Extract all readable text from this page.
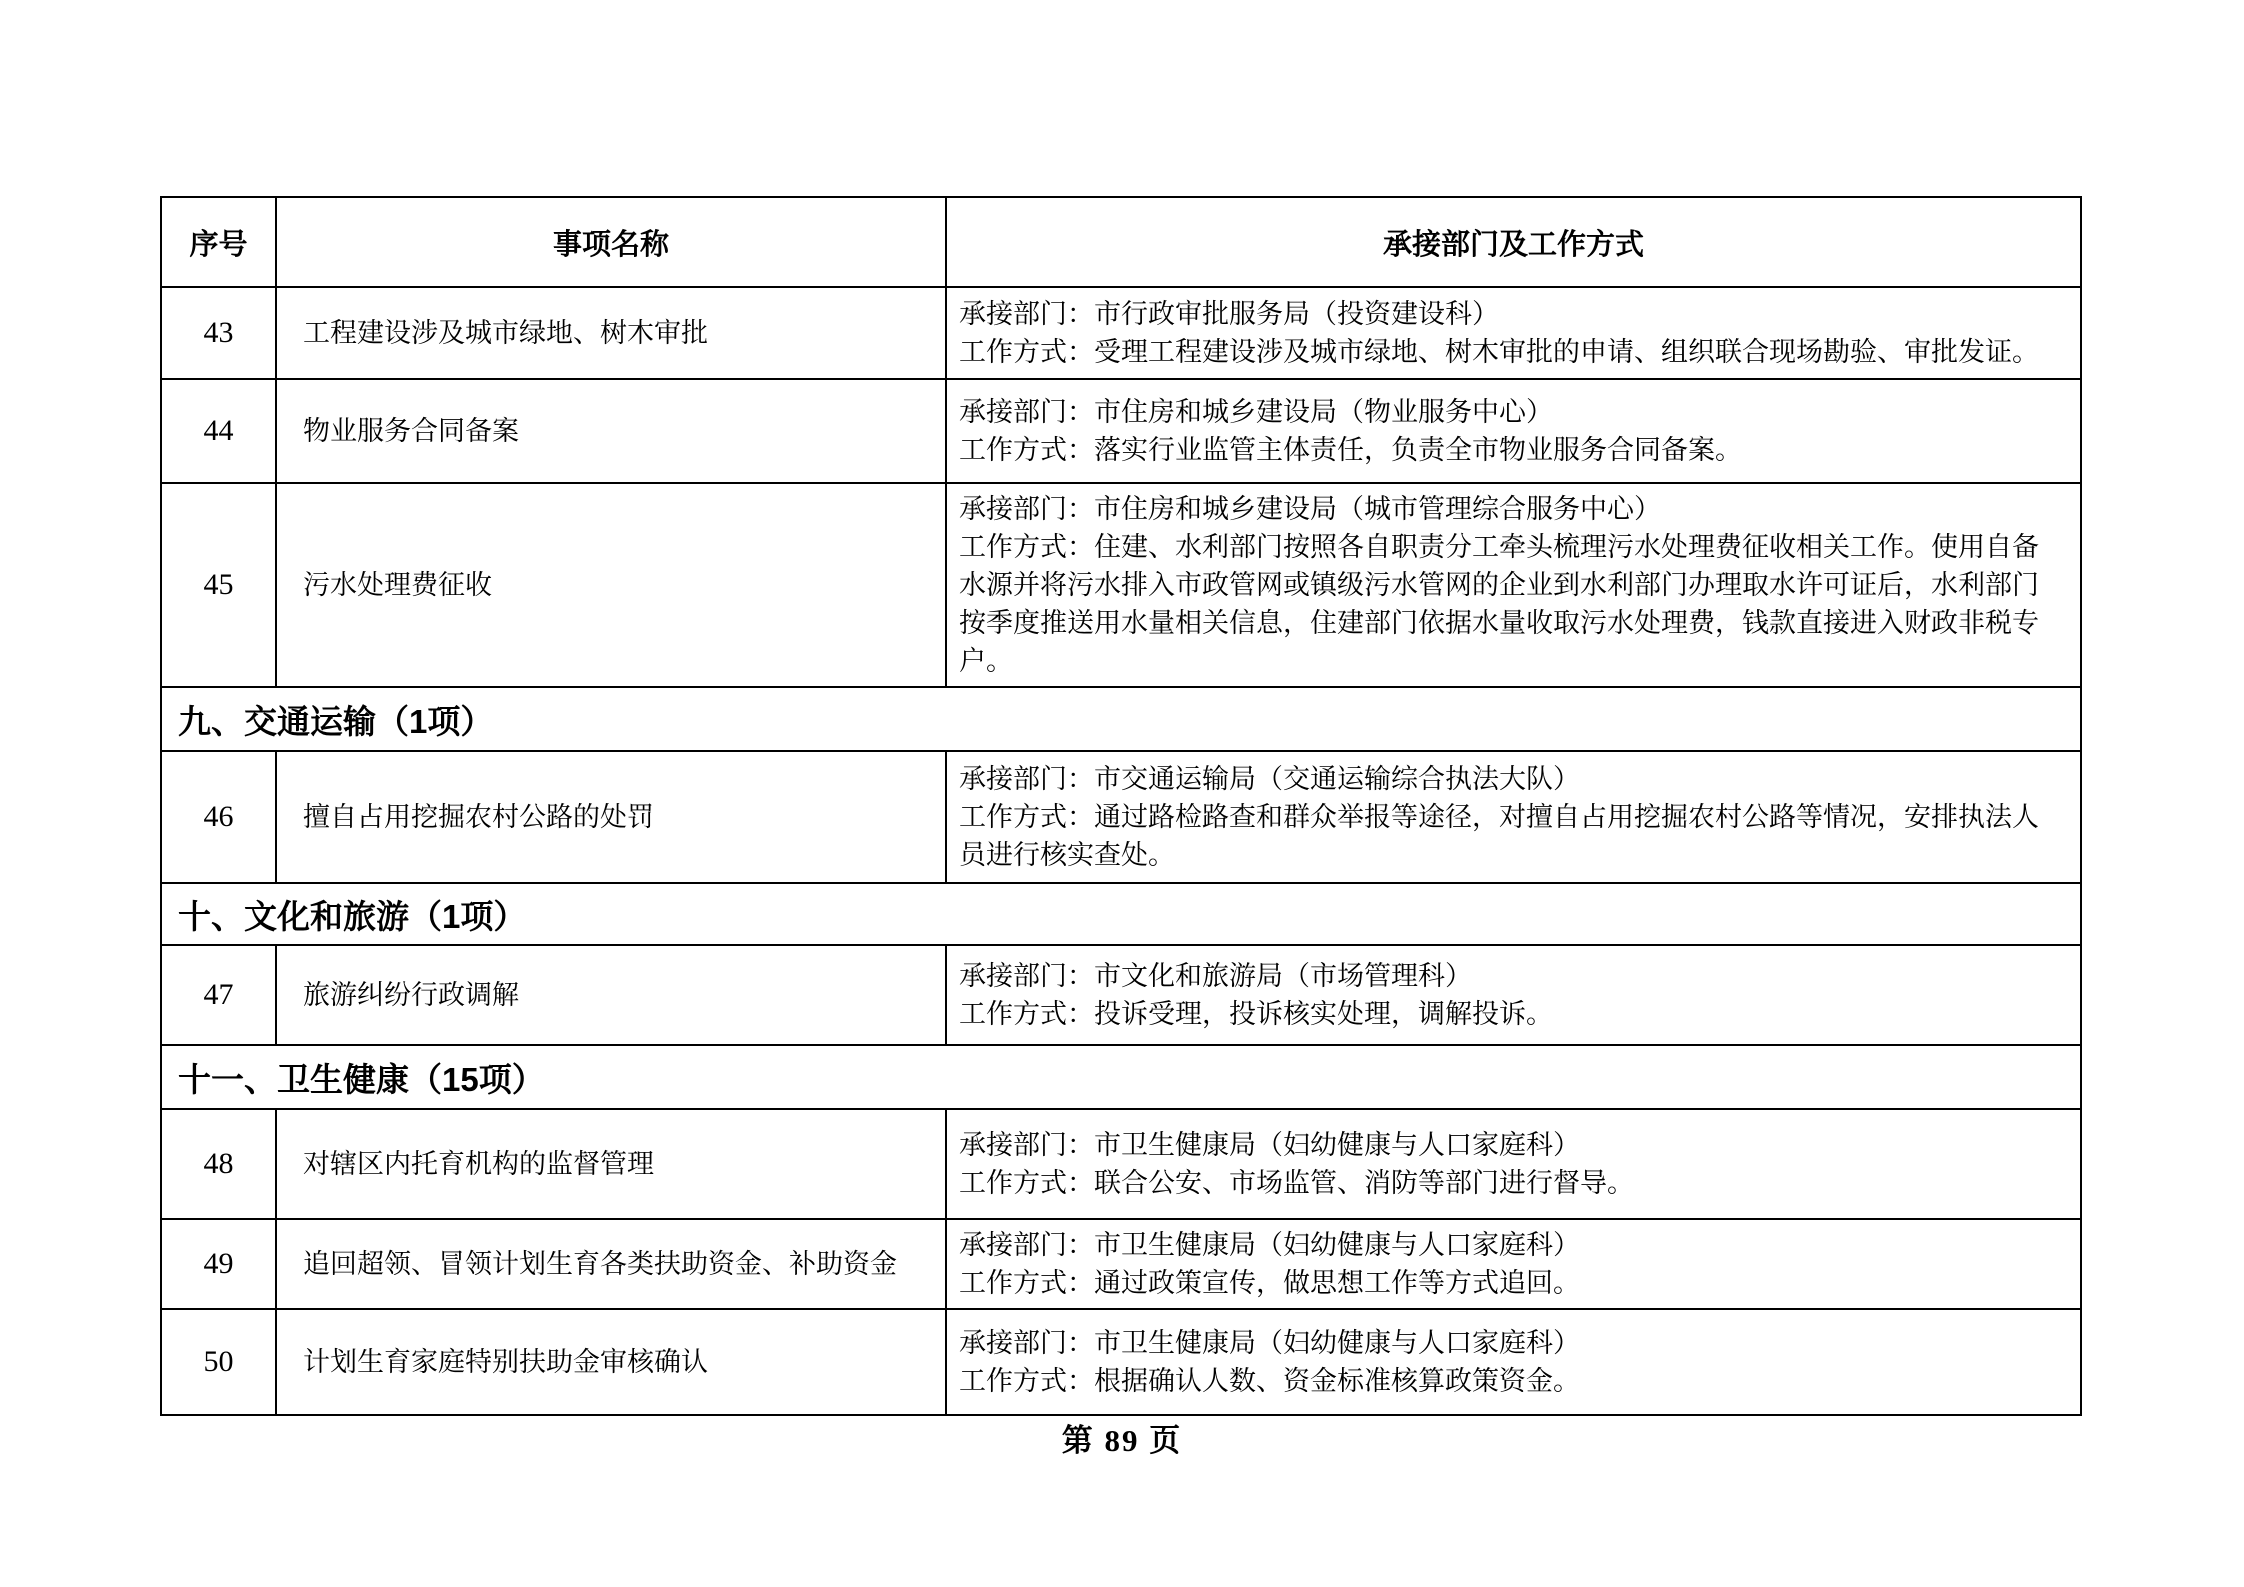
序号	事项名称	承接部门及工作方式
43	工程建设涉及城市绿地、树木审批	承接部门：市行政审批服务局（投资建设科）
工作方式：受理工程建设涉及城市绿地、树木审批的申请、组织联合现场勘验、审批发证。

44	物业服务合同备案	承接部门：市住房和城乡建设局（物业服务中心）
工作方式：落实行业监管主体责任，负责全市物业服务合同备案。

45	污水处理费征收	承接部门：市住房和城乡建设局（城市管理综合服务中心）
工作方式：住建、水利部门按照各自职责分工牵头梳理污水处理费征收相关工作。使用自备水源并将污水排入市政管网或镇级污水管网的企业到水利部门办理取水许可证后，水利部门按季度推送用水量相关信息，住建部门依据水量收取污水处理费，钱款直接进入财政非税专户。

九、交通运输（1项）		
46	擅自占用挖掘农村公路的处罚	承接部门：市交通运输局（交通运输综合执法大队）
工作方式：通过路检路查和群众举报等途径，对擅自占用挖掘农村公路等情况，安排执法人员进行核实查处。

十、文化和旅游（1项）		
47	旅游纠纷行政调解	承接部门：市文化和旅游局（市场管理科）
工作方式：投诉受理，投诉核实处理，调解投诉。

十一、卫生健康（15项）		
48	对辖区内托育机构的监督管理	承接部门：市卫生健康局（妇幼健康与人口家庭科）
工作方式：联合公安、市场监管、消防等部门进行督导。

49	追回超领、冒领计划生育各类扶助资金、补助资金	承接部门：市卫生健康局（妇幼健康与人口家庭科）
工作方式：通过政策宣传，做思想工作等方式追回。

50	计划生育家庭特别扶助金审核确认	承接部门：市卫生健康局（妇幼健康与人口家庭科）
工作方式：根据确认人数、资金标准核算政策资金。
第 89 页
